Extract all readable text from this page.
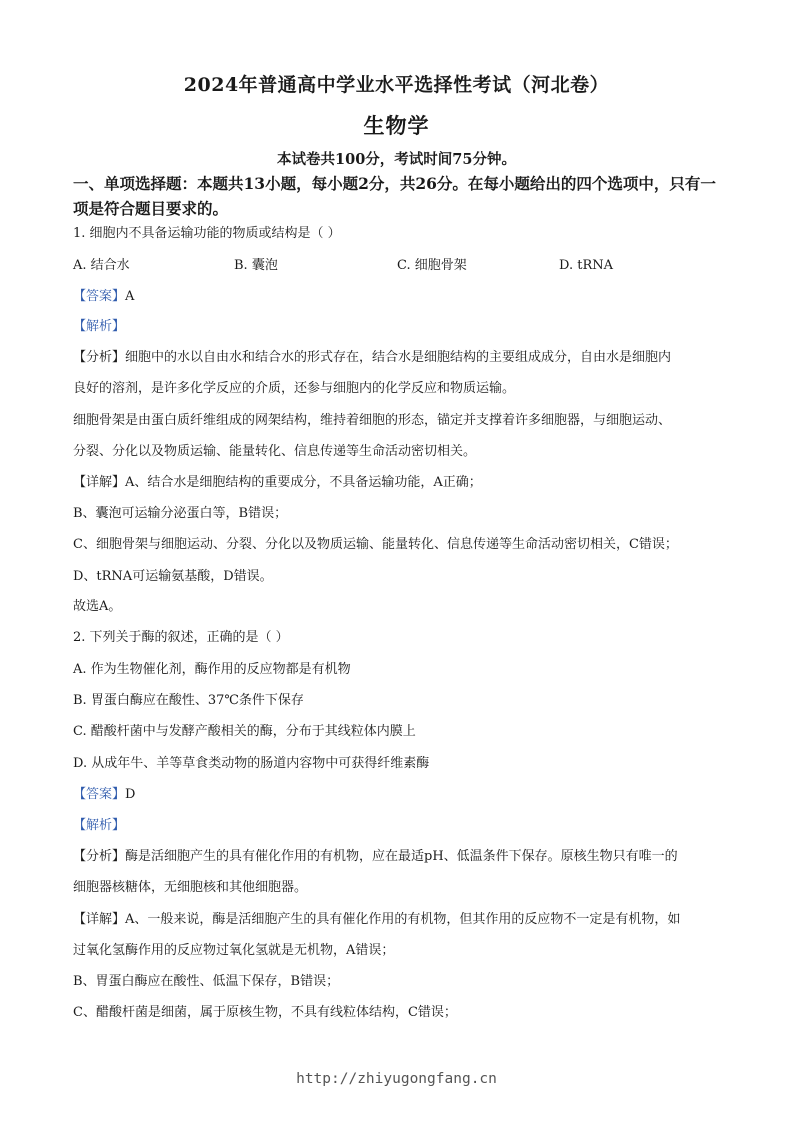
2024年普通高中学业水平选择性考试（河北卷）
生物学
本试卷共100分，考试时间75分钟。
一、单项选择题：本题共13小题，每小题2分，共26分。在每小题给出的四个选项中，只有一项是符合题目要求的。
1. 细胞内不具备运输功能的物质或结构是（ ）
A. 结合水	B. 囊泡	C. 细胞骨架	D. tRNA
【答案】A
【解析】
【分析】细胞中的水以自由水和结合水的形式存在，结合水是细胞结构的主要组成成分，自由水是细胞内
良好的溶剂，是许多化学反应的介质，还参与细胞内的化学反应和物质运输。
细胞骨架是由蛋白质纤维组成的网架结构，维持着细胞的形态，锚定并支撑着许多细胞器，与细胞运动、
分裂、分化以及物质运输、能量转化、信息传递等生命活动密切相关。
【详解】A、结合水是细胞结构的重要成分，不具备运输功能，A正确；
B、囊泡可运输分泌蛋白等，B错误；
C、细胞骨架与细胞运动、分裂、分化以及物质运输、能量转化、信息传递等生命活动密切相关，C错误；
D、tRNA可运输氨基酸，D错误。
故选A。
2. 下列关于酶的叙述，正确的是（ ）
A. 作为生物催化剂，酶作用的反应物都是有机物
B. 胃蛋白酶应在酸性、37℃条件下保存
C. 醋酸杆菌中与发酵产酸相关的酶，分布于其线粒体内膜上
D. 从成年牛、羊等草食类动物的肠道内容物中可获得纤维素酶
【答案】D
【解析】
【分析】酶是活细胞产生的具有催化作用的有机物，应在最适pH、低温条件下保存。原核生物只有唯一的
细胞器核糖体，无细胞核和其他细胞器。
【详解】A、一般来说，酶是活细胞产生的具有催化作用的有机物，但其作用的反应物不一定是有机物，如
过氧化氢酶作用的反应物过氧化氢就是无机物，A错误；
B、胃蛋白酶应在酸性、低温下保存，B错误；
C、醋酸杆菌是细菌，属于原核生物，不具有线粒体结构，C错误；
http://zhiyugongfang.cn
